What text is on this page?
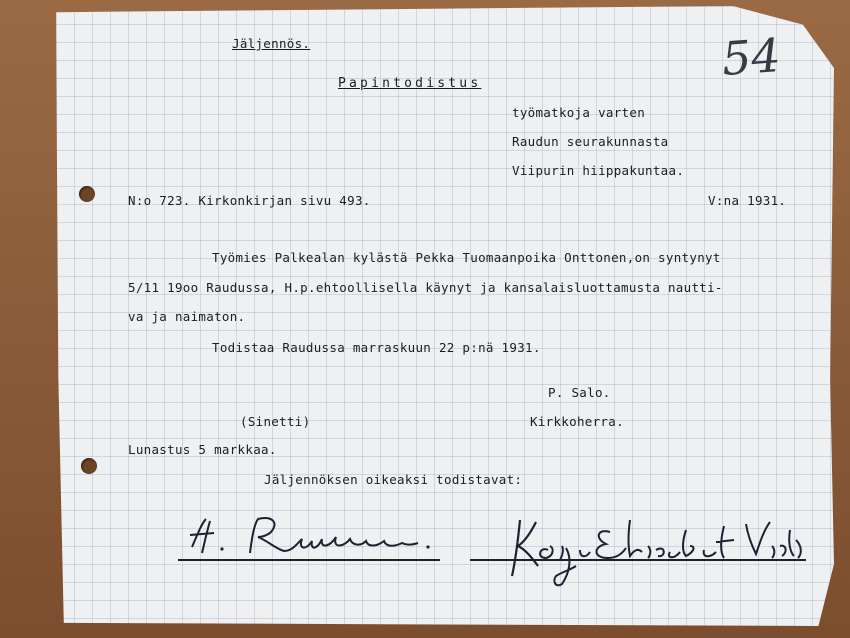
Jäljennös.	54
Papintodistus
työmatkoja varten
Raudun seurakunnasta
Viipurin hiippakuntaa.
N:o 723. Kirkonkirjan sivu 493.	V:na 1931.
Työmies Palkealan kylästä Pekka Tuomaanpoika Onttonen,on syntynyt
5/11 19oo Raudussa, H.p.ehtoollisella käynyt ja kansalaisluottamusta nautti-
va ja naimaton.
Todistaa Raudussa marraskuun 22 p:nä 1931.
P. Salo.
(Sinetti)	Kirkkoherra.
Lunastus 5 markkaa.
Jäljennöksen oikeaksi todistavat:
